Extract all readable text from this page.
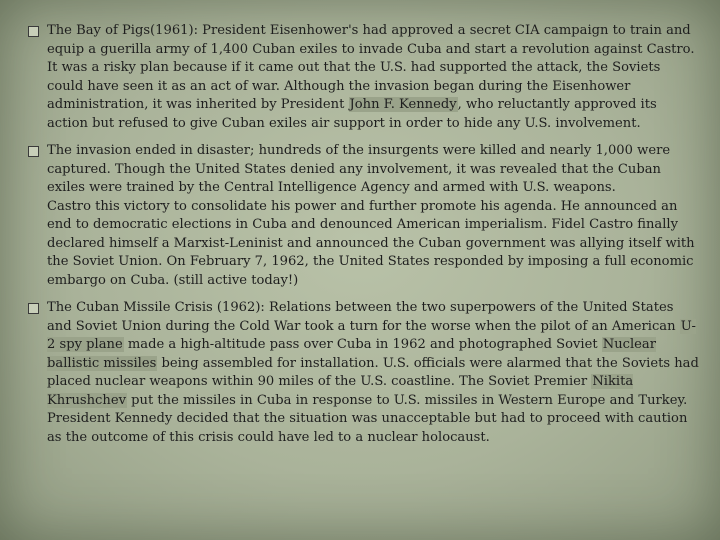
The Bay of Pigs(1961): President Eisenhower's had approved a secret CIA campaign to train and equip a guerilla army of 1,400 Cuban exiles to invade Cuba and start a revolution against Castro. It was a risky plan because if it came out that the U.S. had supported the attack, the Soviets could have seen it as an act of war. Although the invasion began during the Eisenhower administration, it was inherited by President John F. Kennedy, who reluctantly approved its action but refused to give Cuban exiles air support in order to hide any U.S. involvement.

The invasion ended in disaster; hundreds of the insurgents were killed and nearly 1,000 were captured. Though the United States denied any involvement, it was revealed that the Cuban exiles were trained by the Central Intelligence Agency and armed with U.S. weapons.

Castro this victory to consolidate his power and further promote his agenda. He announced an end to democratic elections in Cuba and denounced American imperialism. Fidel Castro finally declared himself a Marxist-Leninist and announced the Cuban government was allying itself with the Soviet Union. On February 7, 1962, the United States responded by imposing a full economic embargo on Cuba. (still active today!)

The Cuban Missile Crisis (1962): Relations between the two superpowers of the United States and Soviet Union during the Cold War took a turn for the worse when the pilot of an American U-2 spy plane made a high-altitude pass over Cuba in 1962 and photographed Soviet Nuclear ballistic missiles being assembled for installation. U.S. officials were alarmed that the Soviets had placed nuclear weapons within 90 miles of the U.S. coastline. The Soviet Premier Nikita Khrushchev put the missiles in Cuba in response to U.S. missiles in Western Europe and Turkey. President Kennedy decided that the situation was unacceptable but had to proceed with caution as the outcome of this crisis could have led to a nuclear holocaust.
